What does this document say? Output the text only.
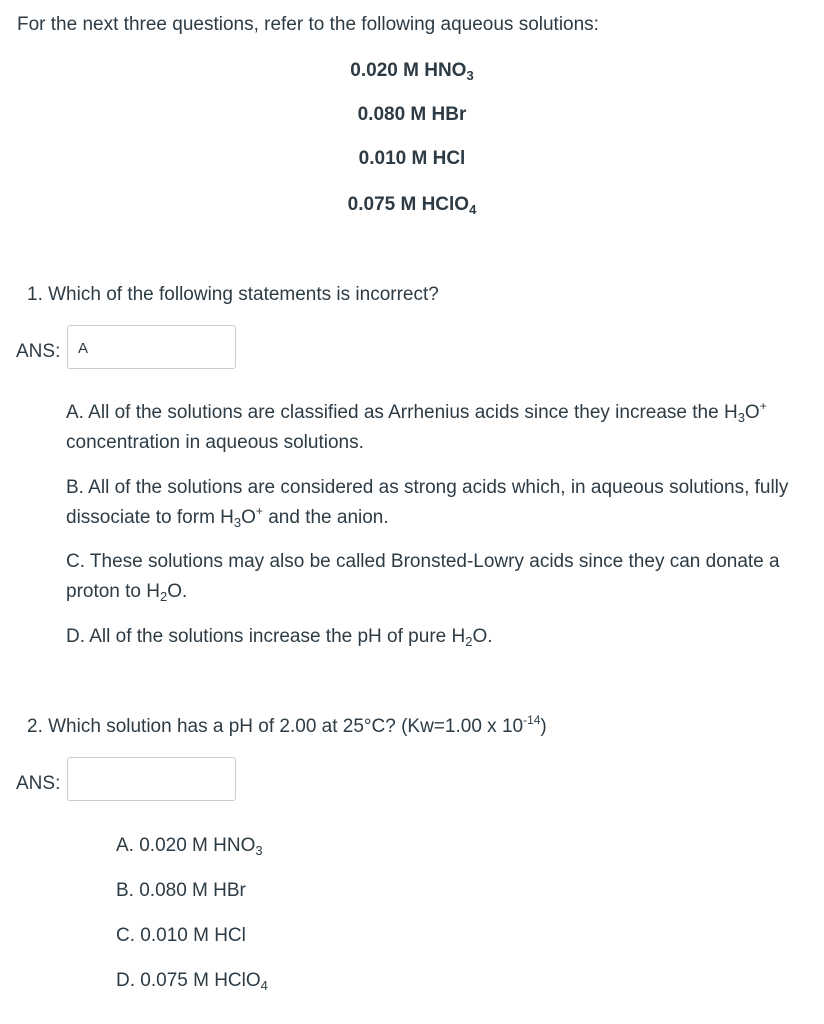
For the next three questions, refer to the following aqueous solutions:
0.020 M $HNO_3$
0.080 M HBr
0.010 M HCl
0.075 M HClO$_4$
1. Which of the following statements is incorrect?
ANS:	A
A. All of the solutions are classified as Arrhenius acids since they increase the $H_3O^+$
concentration in aqueous solutions.
B. All of the solutions are considered as strong acids which, in aqueous solutions, fully
dissociate to form $H_3O^+$ and the anion.
C. These solutions may also be called Bronsted-Lowry acids since they can donate a
proton to $H_2O$.
D. All of the solutions increase the pH of pure $H_2O$.
2. Which solution has a pH of 2.00 at 25°C? (Kw=1.00 x $10^{-14}$)
ANS:
A. 0.020 M $HNO_3$
B. 0.080 M HBr
C. 0.010 M HCl
D. 0.075 M HClO$_4$
